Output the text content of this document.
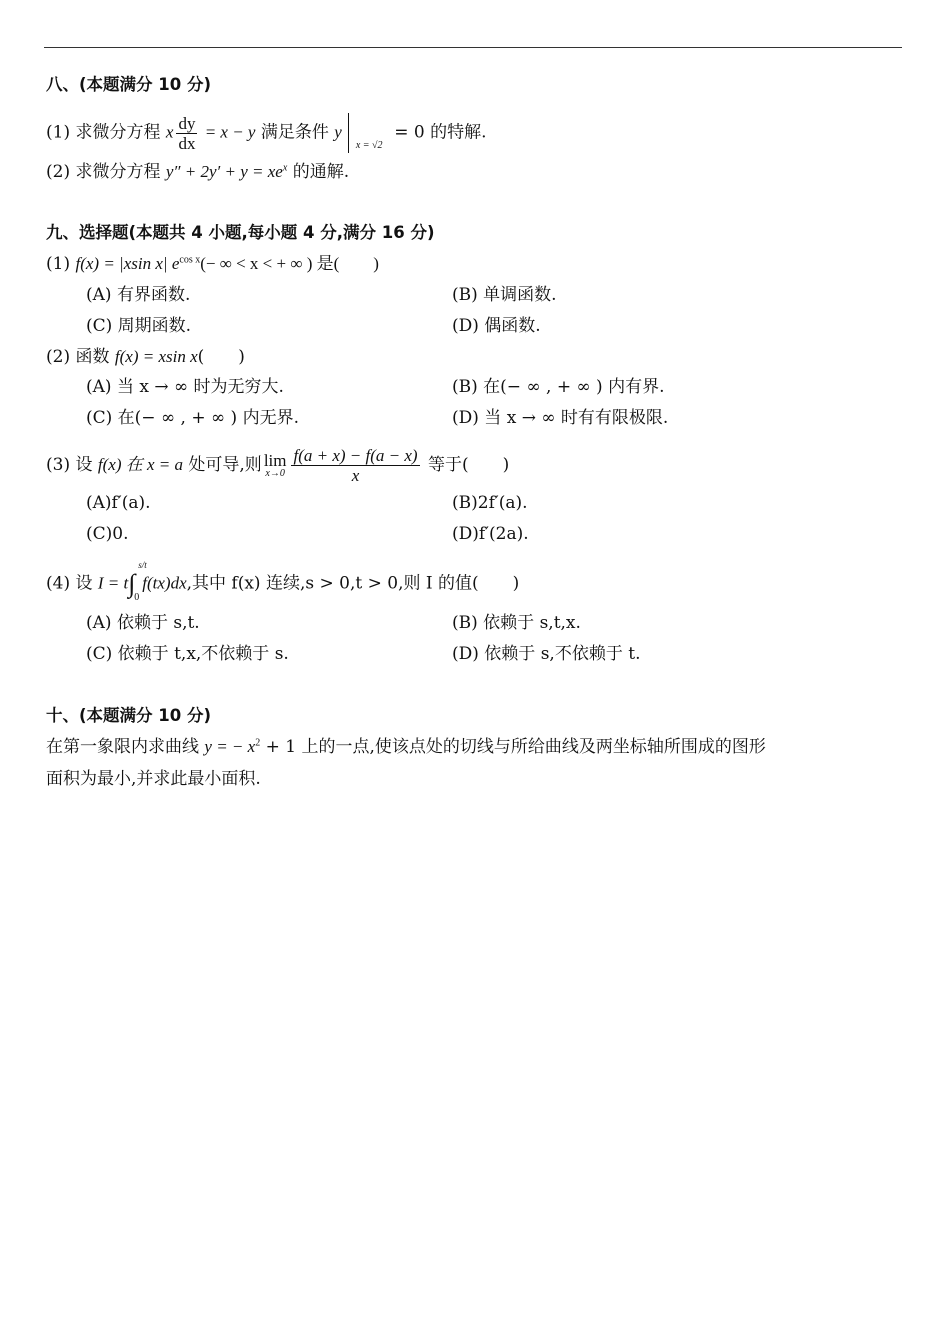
八、(本题满分 10 分)
(1) 求微分方程 x $\frac{dy}{dx} = x - y$ 满足条件 y
x = √2
= 0 的特解.
(2) 求微分方程 $y'' + 2y' + y = xe^x$ 的通解.
九、选择题(本题共 4 小题,每小题 4 分,满分 16 分)
(1) f(x) = |xsin x| $e^{cos x}(-$ ∞ < x < + ∞ ) 是(　　)
(A) 有界函数.	(B) 单调函数.
(C) 周期函数.	(D) 偶函数.
(2) 函数 f(x) = xsin x(　　)
(A) 当 x → ∞ 时为无穷大.	(B) 在(− ∞ , + ∞ ) 内有界.
(C) 在(− ∞ , + ∞ ) 内无界.	(D) 当 x → ∞ 时有有限极限.
(3) 设 f(x) 在 x = a 处可导,则 lim
$x\to 0 \frac{f(a + x) - f(a - x)}{x}$ 等于(　　)
(A)f′(a).	(B)2f′(a).
(C)0.	(D)f′(2a).
(4) 设 I = t∫
s/t
0
f(tx)dx,其中 f(x) 连续,s > 0,t > 0,则 I 的值(　　)
(A) 依赖于 s,t.	(B) 依赖于 s,t,x.
(C) 依赖于 t,x,不依赖于 s.	(D) 依赖于 s,不依赖于 t.
十、(本题满分 10 分)
在第一象限内求曲线 y = − $x^2 + 1$ 上的一点,使该点处的切线与所给曲线及两坐标轴所围成的图形
面积为最小,并求此最小面积.
